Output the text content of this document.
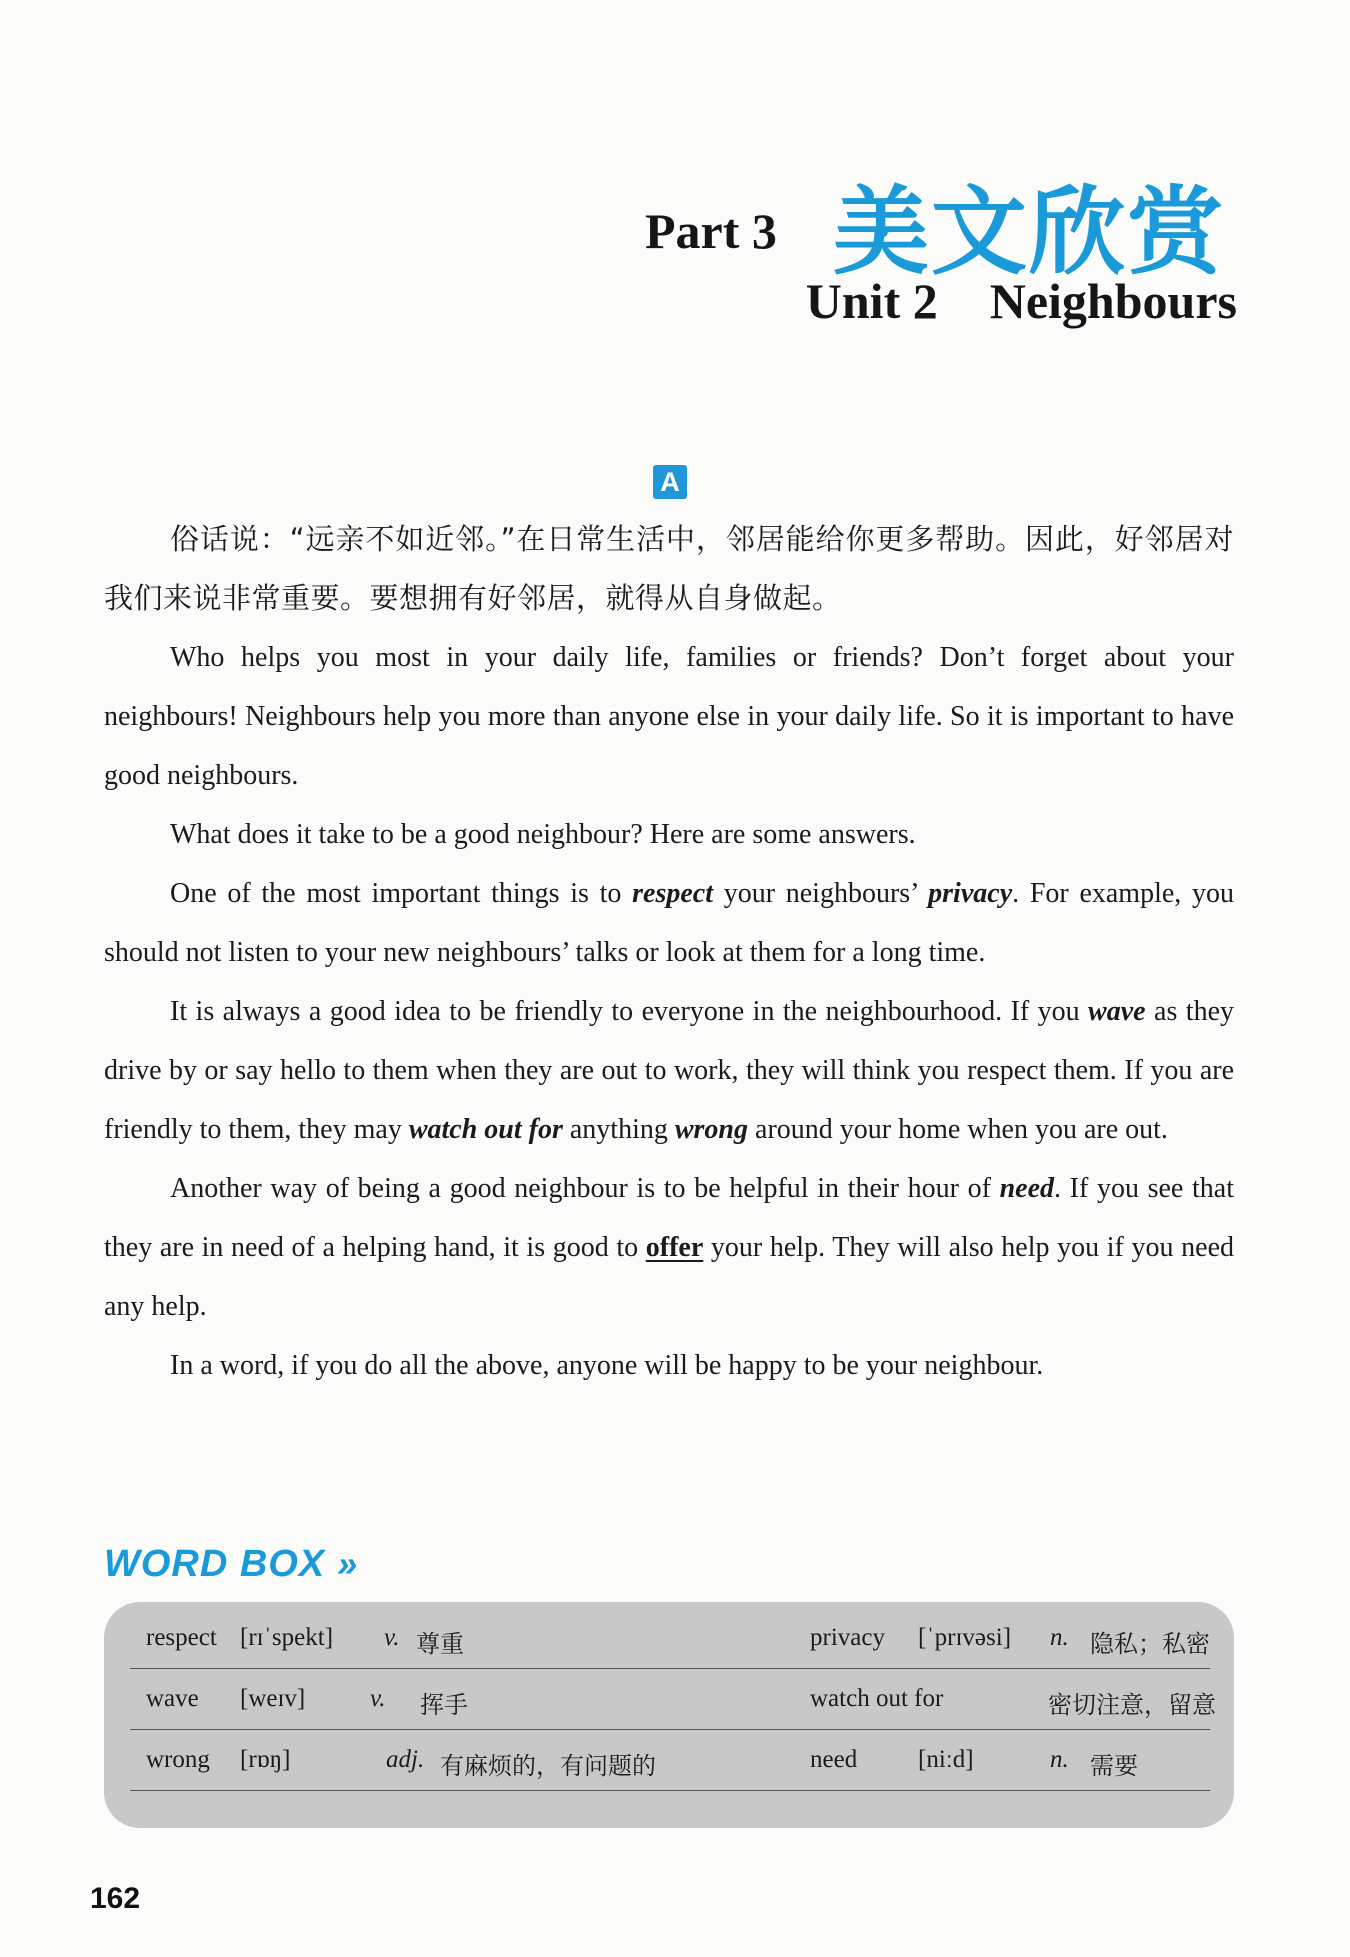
Part 3 美文欣赏
Unit 2 Neighbours
A

俗话说：“远亲不如近邻。”在日常生活中，邻居能给你更多帮助。因此，好邻居对我们来说非常重要。要想拥有好邻居，就得从自身做起。

Who helps you most in your daily life, families or friends? Don’t forget about your neighbours! Neighbours help you more than anyone else in your daily life. So it is important to have good neighbours.

What does it take to be a good neighbour? Here are some answers.

One of the most important things is to respect your neighbours’ privacy. For example, you should not listen to your new neighbours’ talks or look at them for a long time.

It is always a good idea to be friendly to everyone in the neighbourhood. If you wave as they drive by or say hello to them when they are out to work, they will think you respect them. If you are friendly to them, they may watch out for anything wrong around your home when you are out.

Another way of being a good neighbour is to be helpful in their hour of need. If you see that they are in need of a helping hand, it is good to offer your help. They will also help you if you need any help.

In a word, if you do all the above, anyone will be happy to be your neighbour.

WORD BOX »
respect [rɪˈspekt] v. 尊重	privacy [ˈprɪvəsi] n. 隐私；私密
wave [weɪv]	v. 挥手	watch out for	密切注意，留意
wrong [rɒŋ]	adj. 有麻烦的，有问题的	need [niːd]	n. 需要
162
